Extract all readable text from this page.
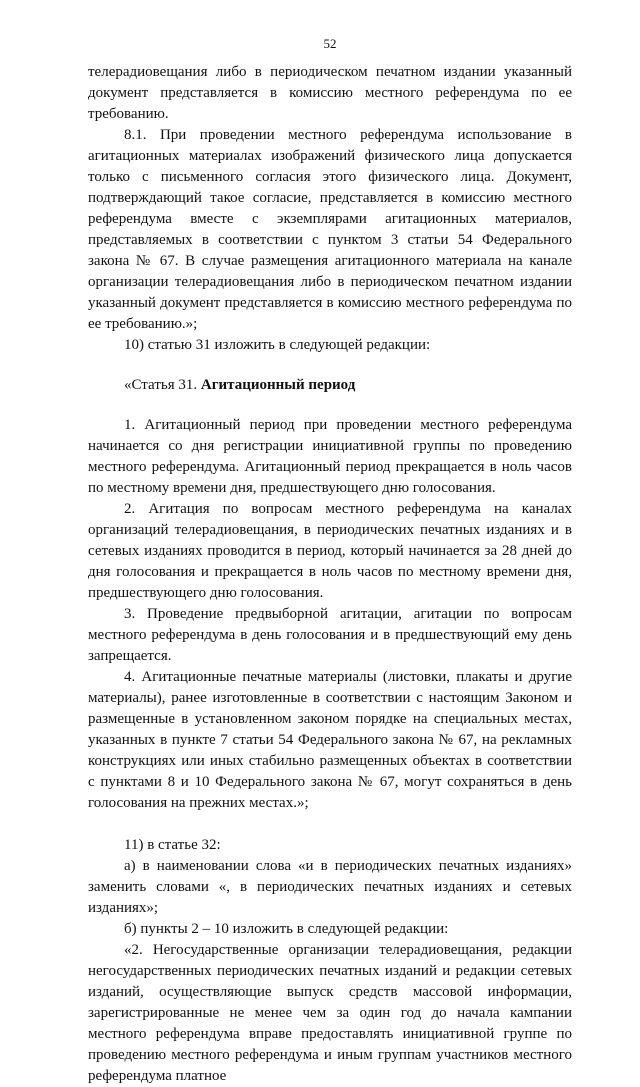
52

телерадиовещания либо в периодическом печатном издании указанный документ представляется в комиссию местного референдума по ее требованию.

8.1. При проведении местного референдума использование в агитационных материалах изображений физического лица допускается только с письменного согласия этого физического лица. Документ, подтверждающий такое согласие, представляется в комиссию местного референдума вместе с экземплярами агитационных материалов, представляемых в соответствии с пунктом 3 статьи 54 Федерального закона № 67. В случае размещения агитационного материала на канале организации телерадиовещания либо в периодическом печатном издании указанный документ представляется в комиссию местного референдума по ее требованию.»;

10) статью 31 изложить в следующей редакции:

«Статья 31. Агитационный период

1. Агитационный период при проведении местного референдума начинается со дня регистрации инициативной группы по проведению местного референдума. Агитационный период прекращается в ноль часов по местному времени дня, предшествующего дню голосования.

2. Агитация по вопросам местного референдума на каналах организаций телерадиовещания, в периодических печатных изданиях и в сетевых изданиях проводится в период, который начинается за 28 дней до дня голосования и прекращается в ноль часов по местному времени дня, предшествующего дню голосования.

3. Проведение предвыборной агитации, агитации по вопросам местного референдума в день голосования и в предшествующий ему день запрещается.

4. Агитационные печатные материалы (листовки, плакаты и другие материалы), ранее изготовленные в соответствии с настоящим Законом и размещенные в установленном законом порядке на специальных местах, указанных в пункте 7 статьи 54 Федерального закона № 67, на рекламных конструкциях или иных стабильно размещенных объектах в соответствии с пунктами 8 и 10 Федерального закона № 67, могут сохраняться в день голосования на прежних местах.»;

11) в статье 32:

а) в наименовании слова «и в периодических печатных изданиях» заменить словами «, в периодических печатных изданиях и сетевых изданиях»;

б) пункты 2 – 10 изложить в следующей редакции:

«2. Негосударственные организации телерадиовещания, редакции негосударственных периодических печатных изданий и редакции сетевых изданий, осуществляющие выпуск средств массовой информации, зарегистрированные не менее чем за один год до начала кампании местного референдума вправе предоставлять инициативной группе по проведению местного референдума и иным группам участников местного референдума платное
